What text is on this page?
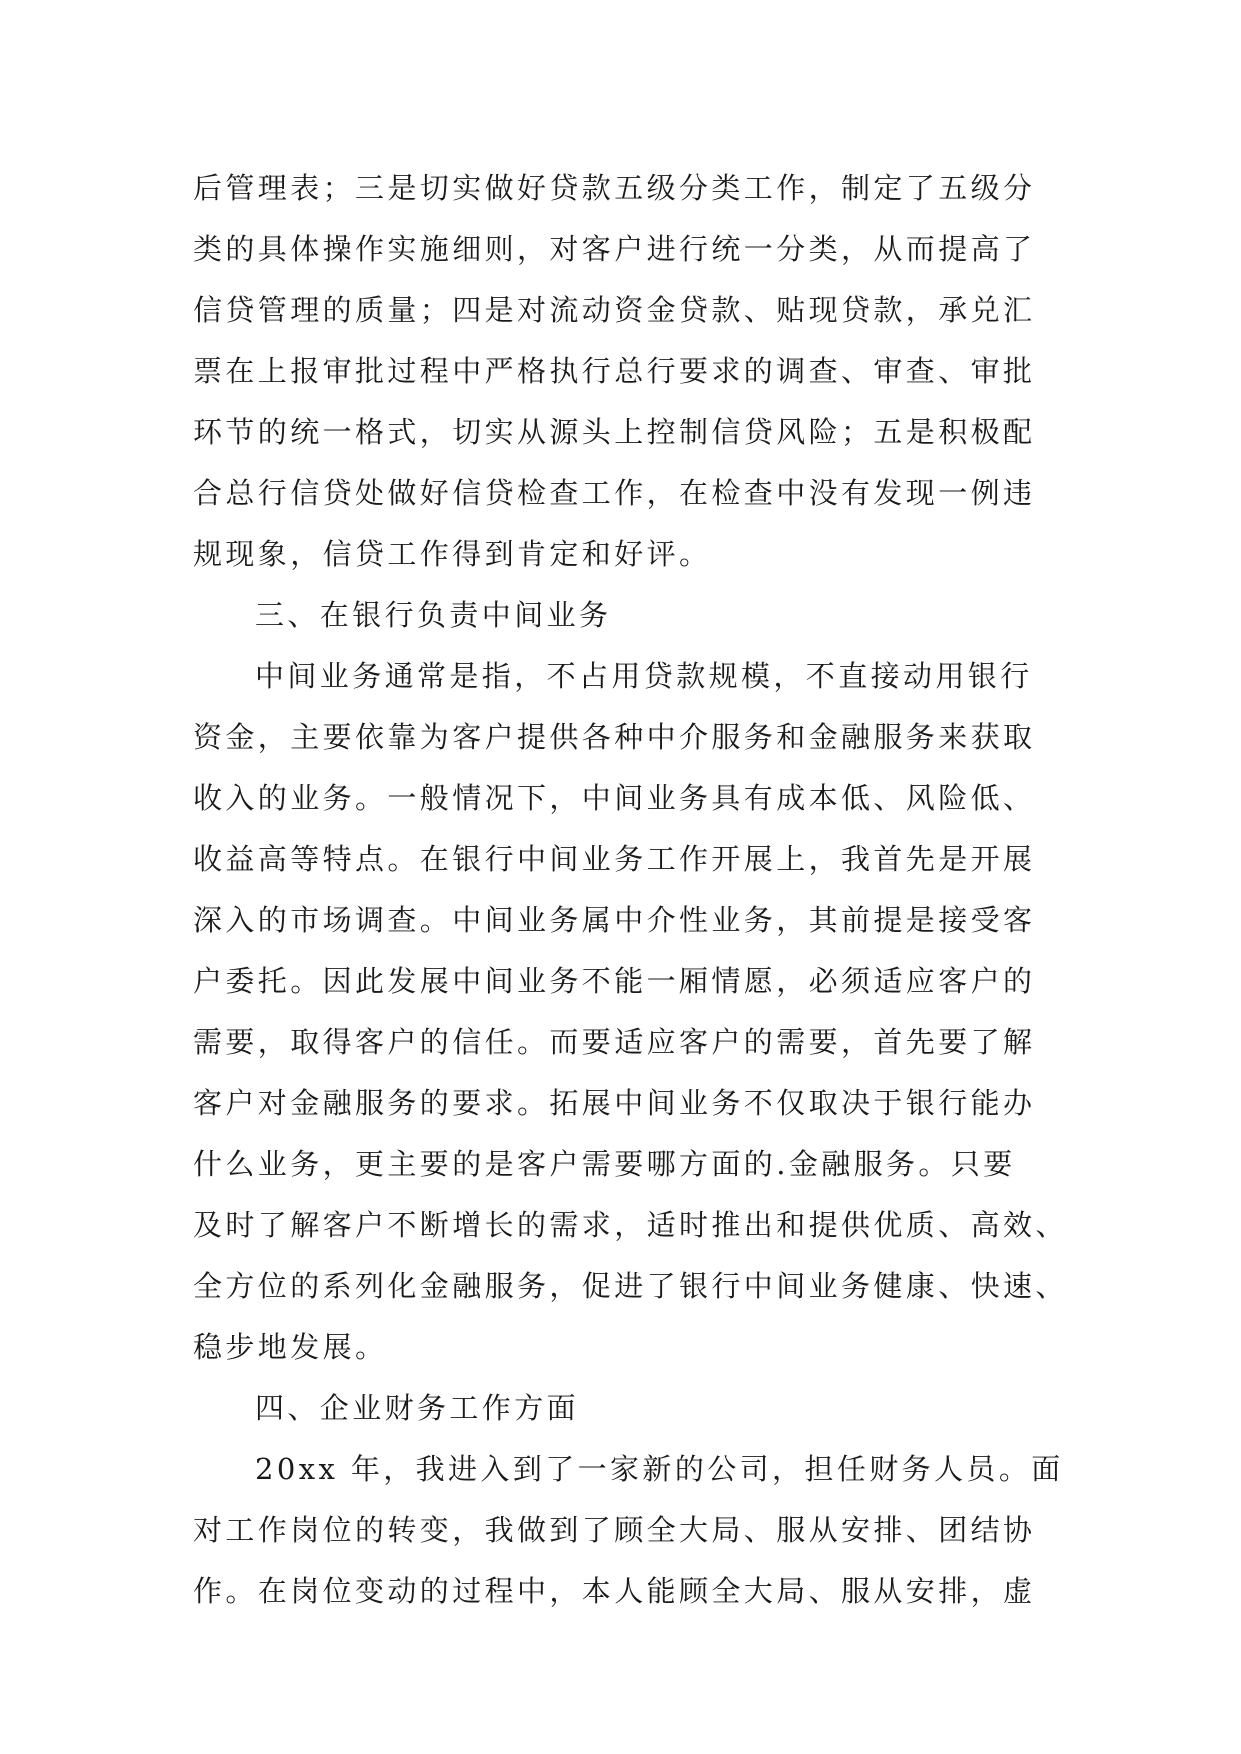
后管理表；三是切实做好贷款五级分类工作，制定了五级分
类的具体操作实施细则，对客户进行统一分类，从而提高了
信贷管理的质量；四是对流动资金贷款、贴现贷款，承兑汇
票在上报审批过程中严格执行总行要求的调查、审查、审批
环节的统一格式，切实从源头上控制信贷风险；五是积极配
合总行信贷处做好信贷检查工作，在检查中没有发现一例违
规现象，信贷工作得到肯定和好评。
三、在银行负责中间业务
中间业务通常是指，不占用贷款规模，不直接动用银行
资金，主要依靠为客户提供各种中介服务和金融服务来获取
收入的业务。一般情况下，中间业务具有成本低、风险低、
收益高等特点。在银行中间业务工作开展上，我首先是开展
深入的市场调查。中间业务属中介性业务，其前提是接受客
户委托。因此发展中间业务不能一厢情愿，必须适应客户的
需要，取得客户的信任。而要适应客户的需要，首先要了解
客户对金融服务的要求。拓展中间业务不仅取决于银行能办
什么业务，更主要的是客户需要哪方面的.金融服务。只要
及时了解客户不断增长的需求，适时推出和提供优质、高效、
全方位的系列化金融服务，促进了银行中间业务健康、快速、
稳步地发展。
四、企业财务工作方面
20xx 年，我进入到了一家新的公司，担任财务人员。面
对工作岗位的转变，我做到了顾全大局、服从安排、团结协
作。在岗位变动的过程中，本人能顾全大局、服从安排，虚
